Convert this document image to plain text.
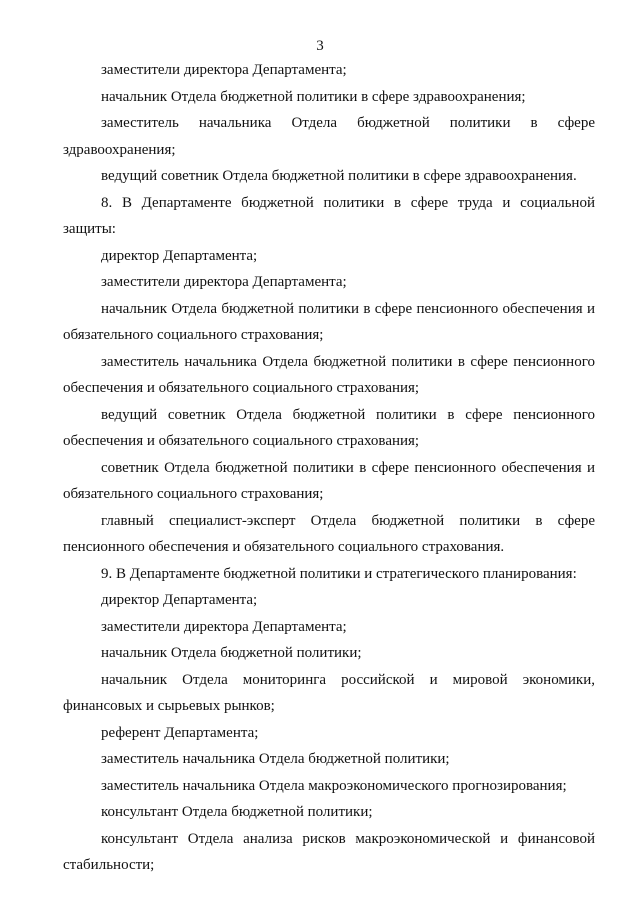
3

заместители директора Департамента;

начальник Отдела бюджетной политики в сфере здравоохранения;

заместитель начальника Отдела бюджетной политики в сфере здравоохранения;

ведущий советник Отдела бюджетной политики в сфере здравоохранения.

8. В Департаменте бюджетной политики в сфере труда и социальной защиты:

директор Департамента;

заместители директора Департамента;

начальник Отдела бюджетной политики в сфере пенсионного обеспечения и обязательного социального страхования;

заместитель начальника Отдела бюджетной политики в сфере пенсионного обеспечения и обязательного социального страхования;

ведущий советник Отдела бюджетной политики в сфере пенсионного обеспечения и обязательного социального страхования;

советник Отдела бюджетной политики в сфере пенсионного обеспечения и обязательного социального страхования;

главный специалист-эксперт Отдела бюджетной политики в сфере пенсионного обеспечения и обязательного социального страхования.

9. В Департаменте бюджетной политики и стратегического планирования:

директор Департамента;

заместители директора Департамента;

начальник Отдела бюджетной политики;

начальник Отдела мониторинга российской и мировой экономики, финансовых и сырьевых рынков;

референт Департамента;

заместитель начальника Отдела бюджетной политики;

заместитель начальника Отдела макроэкономического прогнозирования;

консультант Отдела бюджетной политики;

консультант Отдела анализа рисков макроэкономической и финансовой стабильности;
